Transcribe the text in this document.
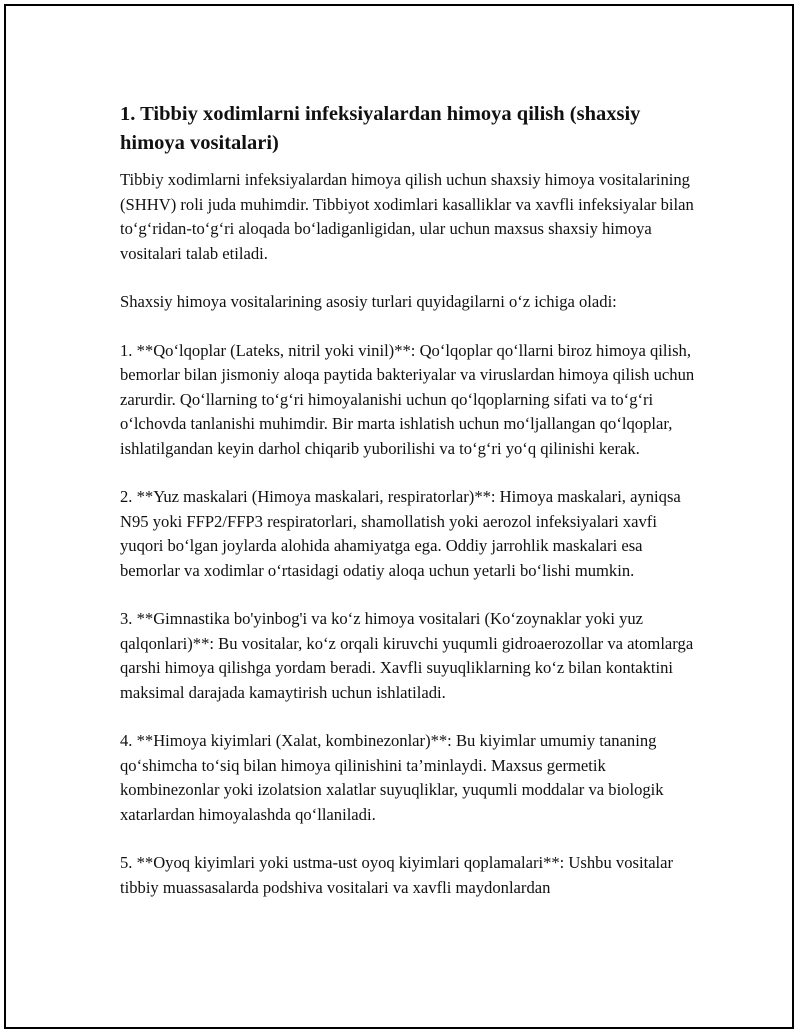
1. Tibbiy xodimlarni infeksiyalardan himoya qilish (shaxsiy himoya vositalari)

Tibbiy xodimlarni infeksiyalardan himoya qilish uchun shaxsiy himoya vositalarining (SHHV) roli juda muhimdir. Tibbiyot xodimlari kasalliklar va xavfli infeksiyalar bilan to‘g‘ridan-to‘g‘ri aloqada bo‘ladiganligidan, ular uchun maxsus shaxsiy himoya vositalari talab etiladi.

Shaxsiy himoya vositalarining asosiy turlari quyidagilarni o‘z ichiga oladi:

1. **Qo‘lqoplar (Lateks, nitril yoki vinil)**: Qo‘lqoplar qo‘llarni biroz himoya qilish, bemorlar bilan jismoniy aloqa paytida bakteriyalar va viruslardan himoya qilish uchun zarurdir. Qo‘llarning to‘g‘ri himoyalanishi uchun qo‘lqoplarning sifati va to‘g‘ri o‘lchovda tanlanishi muhimdir. Bir marta ishlatish uchun mo‘ljallangan qo‘lqoplar, ishlatilgandan keyin darhol chiqarib yuborilishi va to‘g‘ri yo‘q qilinishi kerak.

2. **Yuz maskalari (Himoya maskalari, respiratorlar)**: Himoya maskalari, ayniqsa N95 yoki FFP2/FFP3 respiratorlari, shamollatish yoki aerozol infeksiyalari xavfi yuqori bo‘lgan joylarda alohida ahamiyatga ega. Oddiy jarrohlik maskalari esa bemorlar va xodimlar o‘rtasidagi odatiy aloqa uchun yetarli bo‘lishi mumkin.

3. **Gimnastika bo'yinbog'i va ko‘z himoya vositalari (Ko‘zoynaklar yoki yuz qalqonlari)**: Bu vositalar, ko‘z orqali kiruvchi yuqumli gidroaerozollar va atomlarga qarshi himoya qilishga yordam beradi. Xavfli suyuqliklarning ko‘z bilan kontaktini maksimal darajada kamaytirish uchun ishlatiladi.

4. **Himoya kiyimlari (Xalat, kombinezonlar)**: Bu kiyimlar umumiy tananing qo‘shimcha to‘siq bilan himoya qilinishini ta’minlaydi. Maxsus germetik kombinezonlar yoki izolatsion xalatlar suyuqliklar, yuqumli moddalar va biologik xatarlardan himoyalashda qo‘llaniladi.

5. **Oyoq kiyimlari yoki ustma-ust oyoq kiyimlari qoplamalari**: Ushbu vositalar tibbiy muassasalarda podshiva vositalari va xavfli maydonlardan
